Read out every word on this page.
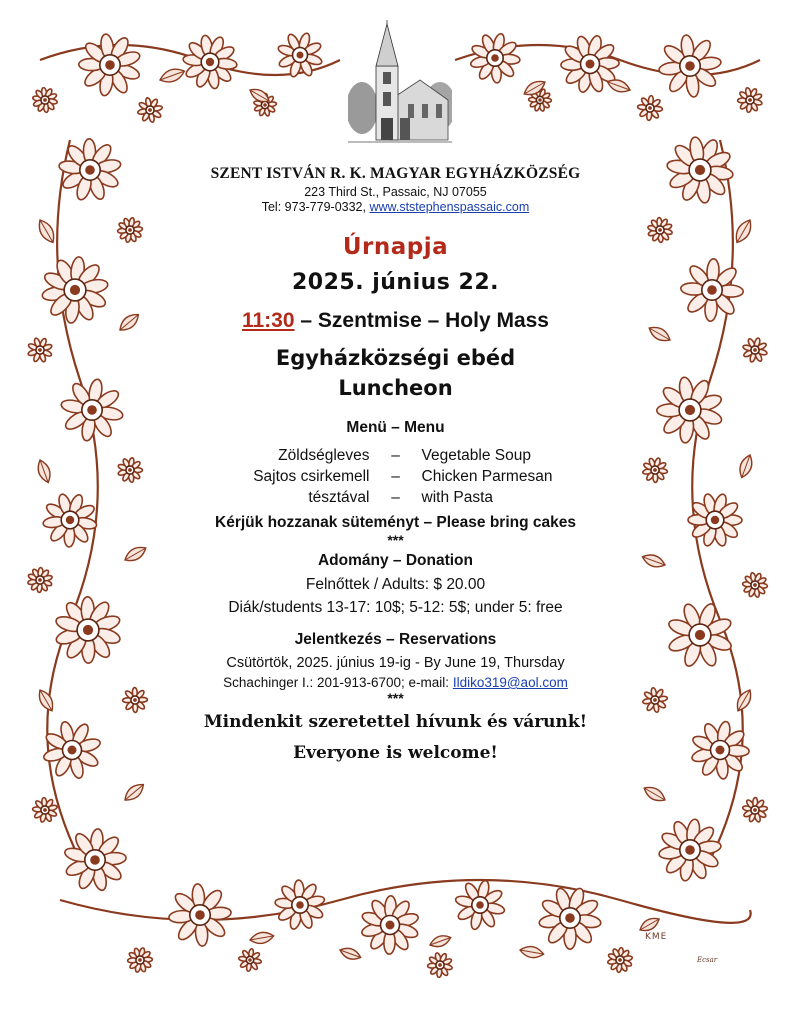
SZENT ISTVÁN R. K. MAGYAR EGYHÁZKÖZSÉG
223 Third St., Passaic, NJ 07055
Tel: 973-779-0332, www.ststephenspassaic.com
Úrnapja
2025. június 22.
11:30 – Szentmise – Holy Mass
Egyházközségi ebéd
Luncheon
Menü – Menu
Zöldségleves	–	Vegetable Soup
Sajtos csirkemell	–	Chicken Parmesan
tésztával	–	with Pasta
Kérjük hozzanak süteményt – Please bring cakes
***
Adomány – Donation
Felnőttek / Adults: $ 20.00
Diák/students 13-17: 10$; 5-12: 5$; under 5: free
Jelentkezés – Reservations
Csütörtök, 2025. június 19-ig - By June 19, Thursday
Schachinger I.: 201-913-6700; e-mail: Ildiko319@aol.com
***
Mindenkit szeretettel hívunk és várunk!
Everyone is welcome!
KME
Ecsar
